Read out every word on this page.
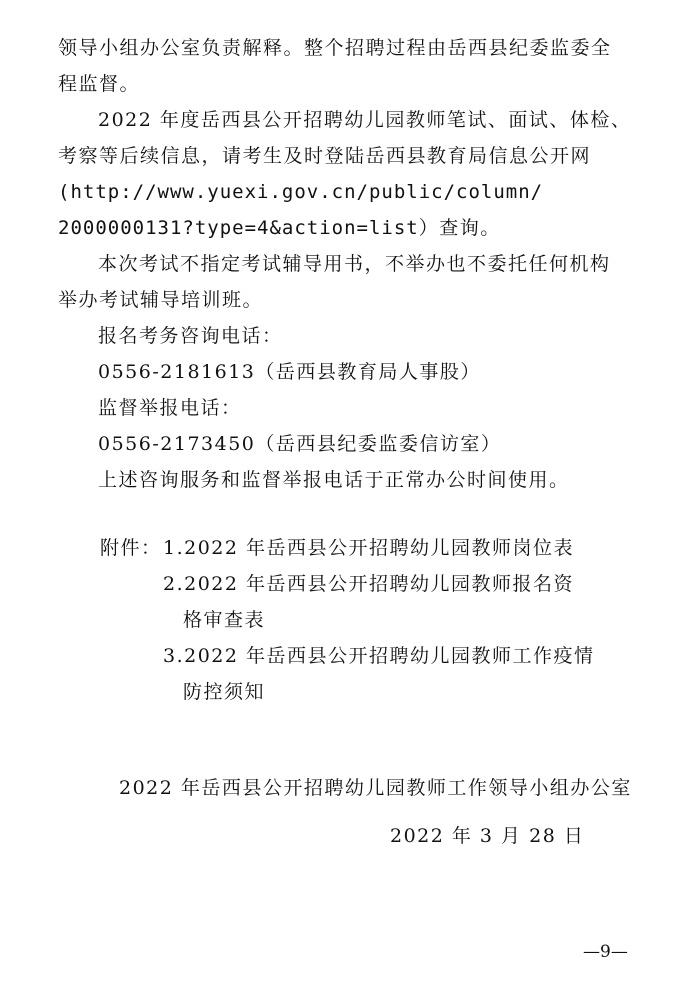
领导小组办公室负责解释。整个招聘过程由岳西县纪委监委全
程监督。
2022 年度岳西县公开招聘幼儿园教师笔试、面试、体检、
考察等后续信息，请考生及时登陆岳西县教育局信息公开网
(http://www.yuexi.gov.cn/public/column/
2000000131?type=4&action=list）查询。
本次考试不指定考试辅导用书，不举办也不委托任何机构
举办考试辅导培训班。
报名考务咨询电话：
0556-2181613（岳西县教育局人事股）
监督举报电话：
0556-2173450（岳西县纪委监委信访室）
上述咨询服务和监督举报电话于正常办公时间使用。
附件： 1.2022 年岳西县公开招聘幼儿园教师岗位表
2.2022 年岳西县公开招聘幼儿园教师报名资
格审查表
3.2022 年岳西县公开招聘幼儿园教师工作疫情
防控须知
2022 年岳西县公开招聘幼儿园教师工作领导小组办公室
2022 年 3 月 28 日
—9—
